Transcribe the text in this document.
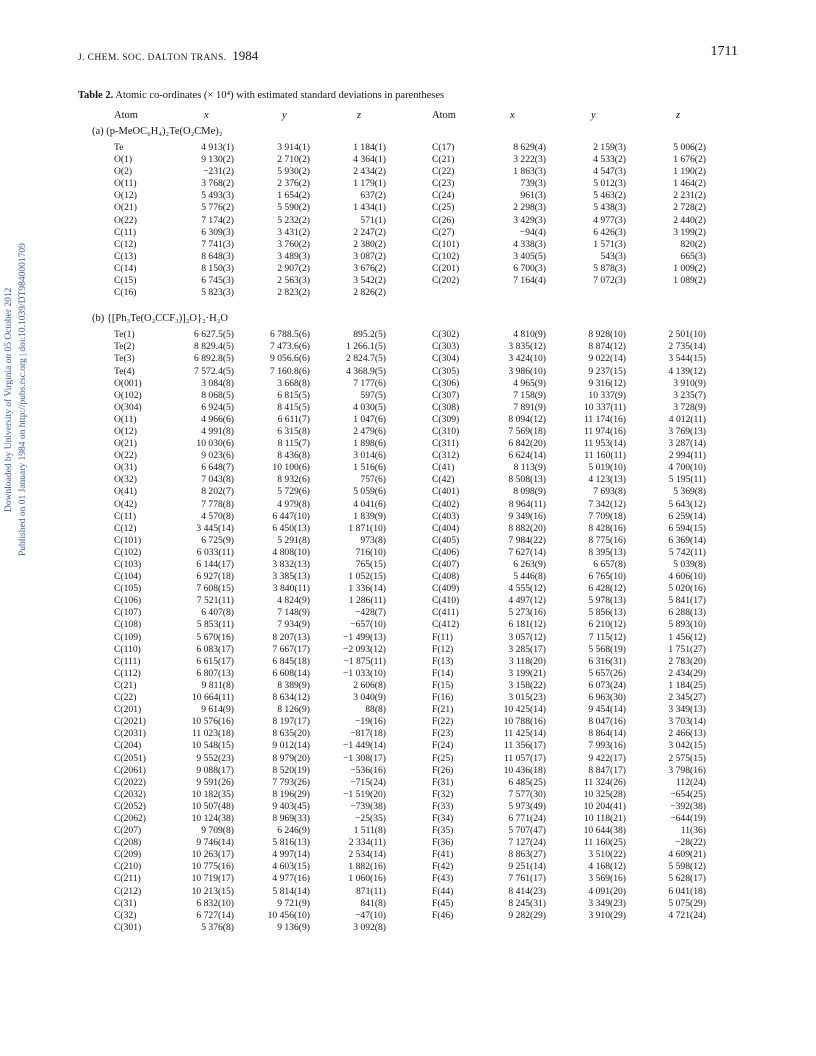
J. CHEM. SOC. DALTON TRANS. 1984	1711
Table 2. Atomic co-ordinates (× 10⁴) with estimated standard deviations in parentheses
Downloaded by University of Virginia on 05 October 2012 Published on 01 January 1984 on http://pubs.rsc.org | doi:10.1039/DT9840001709
Atom	x	y	z	Atom	x	y	z
(a) (p-MeOC₆H₄)₂Te(O₂CMe)₂
Te	4 913(1)	3 914(1)	1 184(1)	C(17)	8 629(4)	2 159(3)	5 006(2)
O(1)	9 130(2)	2 710(2)	4 364(1)	C(21)	3 222(3)	4 533(2)	1 676(2)
O(2)	−231(2)	5 930(2)	2 434(2)	C(22)	1 863(3)	4 547(3)	1 190(2)
O(11)	3 768(2)	2 376(2)	1 179(1)	C(23)	739(3)	5 012(3)	1 464(2)
O(12)	5 493(3)	1 654(2)	637(2)	C(24)	961(3)	5 463(2)	2 231(2)
O(21)	5 776(2)	5 590(2)	1 434(1)	C(25)	2 298(3)	5 438(3)	2 728(2)
O(22)	7 174(2)	5 232(2)	571(1)	C(26)	3 429(3)	4 977(3)	2 440(2)
C(11)	6 309(3)	3 431(2)	2 247(2)	C(27)	−94(4)	6 426(3)	3 199(2)
C(12)	7 741(3)	3 760(2)	2 380(2)	C(101)	4 338(3)	1 571(3)	820(2)
C(13)	8 648(3)	3 489(3)	3 087(2)	C(102)	3 405(5)	543(3)	665(3)
C(14)	8 150(3)	2 907(2)	3 676(2)	C(201)	6 700(3)	5 878(3)	1 009(2)
C(15)	6 745(3)	2 563(3)	3 542(2)	C(202)	7 164(4)	7 072(3)	1 089(2)
C(16)	5 823(3)	2 823(2)	2 826(2)
(b) {[Ph₃Te(O₂CCF₃)]₂O}₂·H₂O
Te(1)	6 627.5(5)	6 788.5(6)	895.2(5)	C(302)	4 810(9)	8 928(10)	2 501(10)
Te(2)	8 829.4(5)	7 473.6(6)	1 266.1(5)	C(303)	3 835(12)	8 874(12)	2 735(14)
Te(3)	6 892.8(5)	9 056.6(6)	2 824.7(5)	C(304)	3 424(10)	9 022(14)	3 544(15)
Te(4)	7 572.4(5)	7 160.8(6)	4 368.9(5)	C(305)	3 986(10)	9 237(15)	4 139(12)
O(001)	3 084(8)	3 668(8)	7 177(6)	C(306)	4 965(9)	9 316(12)	3 910(9)
O(102)	8 068(5)	6 815(5)	597(5)	C(307)	7 158(9)	10 337(9)	3 235(7)
O(304)	6 924(5)	8 415(5)	4 030(5)	C(308)	7 891(9)	10 337(11)	3 728(9)
O(11)	4 966(6)	6 611(7)	1 047(6)	C(309)	8 094(12)	11 174(16)	4 012(11)
O(12)	4 991(8)	6 315(8)	2 479(6)	C(310)	7 569(18)	11 974(16)	3 769(13)
O(21)	10 030(6)	8 115(7)	1 898(6)	C(311)	6 842(20)	11 953(14)	3 287(14)
O(22)	9 023(6)	8 436(8)	3 014(6)	C(312)	6 624(14)	11 160(11)	2 994(11)
O(31)	6 648(7)	10 100(6)	1 516(6)	C(41)	8 113(9)	5 019(10)	4 700(10)
O(32)	7 043(8)	8 932(6)	757(6)	C(42)	8 508(13)	4 123(13)	5 195(11)
O(41)	8 202(7)	5 729(6)	5 059(6)	C(401)	8 098(9)	7 693(8)	5 369(8)
O(42)	7 778(8)	4 979(8)	4 041(6)	C(402)	8 964(11)	7 342(12)	5 643(12)
C(11)	4 570(8)	6 447(10)	1 839(9)	C(403)	9 349(16)	7 709(18)	6 259(14)
C(12)	3 445(14)	6 450(13)	1 871(10)	C(404)	8 882(20)	8 428(16)	6 594(15)
C(101)	6 725(9)	5 291(8)	973(8)	C(405)	7 984(22)	8 775(16)	6 369(14)
C(102)	6 033(11)	4 808(10)	716(10)	C(406)	7 627(14)	8 395(13)	5 742(11)
C(103)	6 144(17)	3 832(13)	765(15)	C(407)	6 263(9)	6 657(8)	5 039(8)
C(104)	6 927(18)	3 385(13)	1 052(15)	C(408)	5 446(8)	6 765(10)	4 606(10)
C(105)	7 608(15)	3 840(11)	1 336(14)	C(409)	4 555(12)	6 428(12)	5 020(16)
C(106)	7 521(11)	4 824(9)	1 286(11)	C(410)	4 497(12)	5 978(13)	5 841(17)
C(107)	6 407(8)	7 148(9)	−428(7)	C(411)	5 273(16)	5 856(13)	6 288(13)
C(108)	5 853(11)	7 934(9)	−657(10)	C(412)	6 181(12)	6 210(12)	5 893(10)
C(109)	5 670(16)	8 207(13)	−1 499(13)	F(11)	3 057(12)	7 115(12)	1 456(12)
C(110)	6 083(17)	7 667(17)	−2 093(12)	F(12)	3 285(17)	5 568(19)	1 751(27)
C(111)	6 615(17)	6 845(18)	−1 875(11)	F(13)	3 118(20)	6 316(31)	2 783(20)
C(112)	6 807(13)	6 608(14)	−1 033(10)	F(14)	3 199(21)	5 657(26)	2 434(29)
C(21)	9 811(8)	8 389(9)	2 606(8)	F(15)	3 158(22)	6 073(24)	1 184(25)
C(22)	10 664(11)	8 634(12)	3 040(9)	F(16)	3 015(23)	6 963(30)	2 345(27)
C(201)	9 614(9)	8 126(9)	88(8)	F(21)	10 425(14)	9 454(14)	3 349(13)
C(2021)	10 576(16)	8 197(17)	−19(16)	F(22)	10 788(16)	8 047(16)	3 703(14)
C(2031)	11 023(18)	8 635(20)	−817(18)	F(23)	11 425(14)	8 864(14)	2 466(13)
C(204)	10 548(15)	9 012(14)	−1 449(14)	F(24)	11 356(17)	7 993(16)	3 042(15)
C(2051)	9 552(23)	8 979(20)	−1 308(17)	F(25)	11 057(17)	9 422(17)	2 575(15)
C(2061)	9 088(17)	8 520(19)	−536(16)	F(26)	10 436(18)	8 847(17)	3 798(16)
C(2022)	9 591(26)	7 793(26)	−715(24)	F(31)	6 485(25)	11 324(26)	112(24)
C(2032)	10 182(35)	8 196(29)	−1 519(20)	F(32)	7 577(30)	10 325(28)	−654(25)
C(2052)	10 507(48)	9 403(45)	−739(38)	F(33)	5 973(49)	10 204(41)	−392(38)
C(2062)	10 124(38)	8 969(33)	−25(35)	F(34)	6 771(24)	10 118(21)	−644(19)
C(207)	9 709(8)	6 246(9)	1 511(8)	F(35)	5 707(47)	10 644(38)	11(36)
C(208)	9 746(14)	5 816(13)	2 334(11)	F(36)	7 127(24)	11 160(25)	−28(22)
C(209)	10 263(17)	4 997(14)	2 534(14)	F(41)	8 863(27)	3 510(22)	4 609(21)
C(210)	10 775(16)	4 603(15)	1 882(16)	F(42)	9 251(14)	4 168(12)	5 598(12)
C(211)	10 719(17)	4 977(16)	1 060(16)	F(43)	7 761(17)	3 569(16)	5 628(17)
C(212)	10 213(15)	5 814(14)	871(11)	F(44)	8 414(23)	4 091(20)	6 041(18)
C(31)	6 832(10)	9 721(9)	841(8)	F(45)	8 245(31)	3 349(23)	5 075(29)
C(32)	6 727(14)	10 456(10)	−47(10)	F(46)	9 282(29)	3 910(29)	4 721(24)
C(301)	5 376(8)	9 136(9)	3 092(8)
